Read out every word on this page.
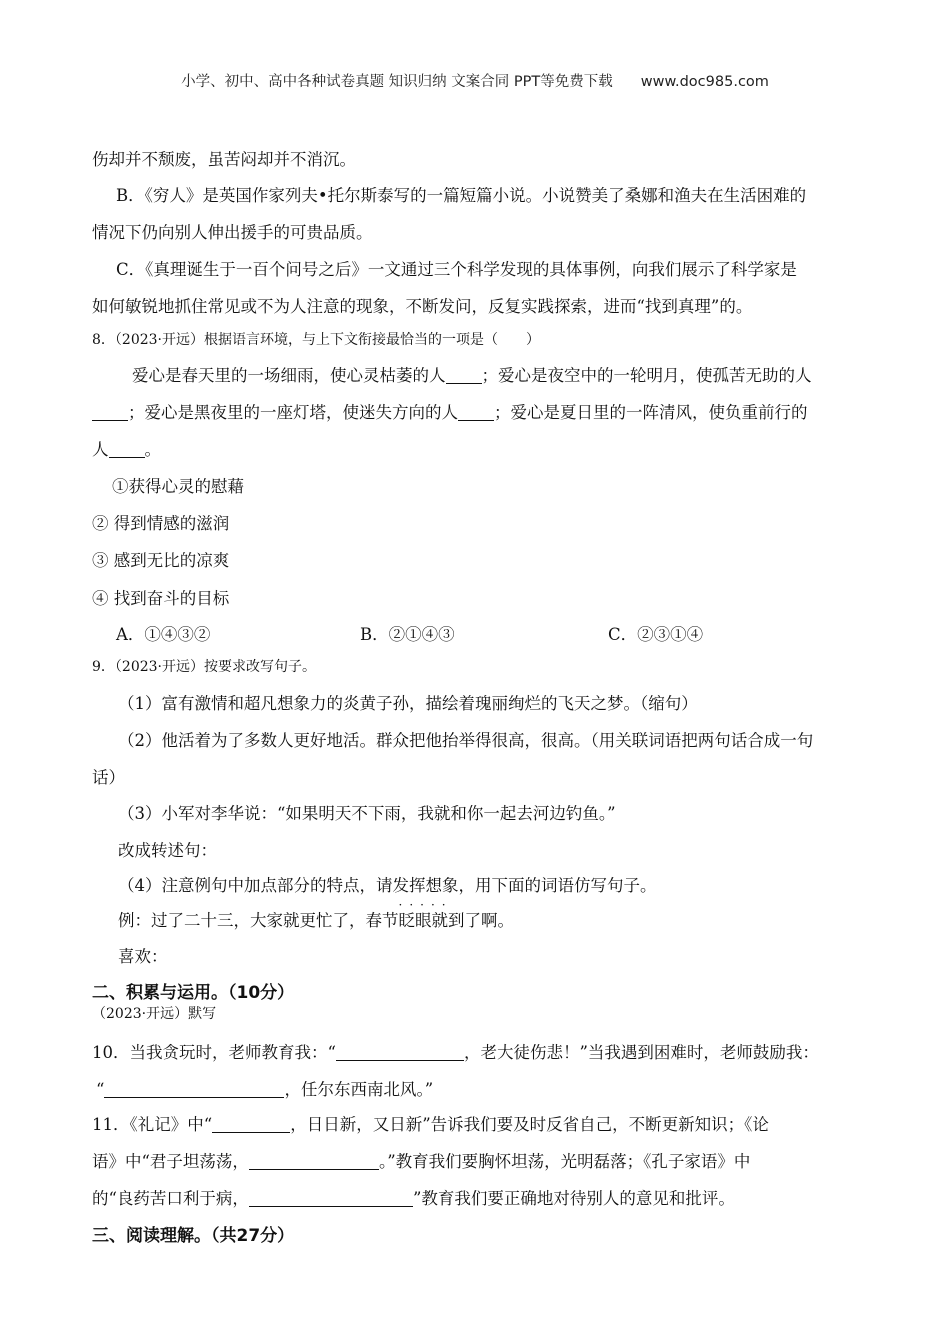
小学、初中、高中各种试卷真题 知识归纳 文案合同 PPT等免费下载 www.doc985.com
伤却并不颓废，虽苦闷却并不消沉。
B．《穷人》是英国作家列夫•托尔斯泰写的一篇短篇小说。小说赞美了桑娜和渔夫在生活困难的
情况下仍向别人伸出援手的可贵品质。
C．《真理诞生于一百个问号之后》一文通过三个科学发现的具体事例，向我们展示了科学家是
如何敏锐地抓住常见或不为人注意的现象，不断发问，反复实践探索，进而“找到真理”的。
8．（2023·开远）根据语言环境，与上下文衔接最恰当的一项是（　　）
爱心是春天里的一场细雨，使心灵枯萎的人 ；爱心是夜空中的一轮明月，使孤苦无助的人
；爱心是黑夜里的一座灯塔，使迷失方向的人 ；爱心是夏日里的一阵清风，使负重前行的
人 。
①获得心灵的慰藉
② 得到情感的滋润
③ 感到无比的凉爽
④ 找到奋斗的目标
A．①④③②	B．②①④③	C．②③①④
9．（2023·开远）按要求改写句子。
（1）富有激情和超凡想象力的炎黄子孙，描绘着瑰丽绚烂的飞天之梦。（缩句）
（2）他活着为了多数人更好地活。群众把他抬举得很高，很高。（用关联词语把两句话合成一句
话）
（3）小军对李华说：“如果明天不下雨，我就和你一起去河边钓鱼。”
改成转述句：
（4）注意例句中加点部分的特点，请发挥想象，用下面的词语仿写句子。
例：过了二十三，大家就更忙了，春节
·····
眨眼就到了啊。
喜欢：
二、积累与运用。（10分）
（2023·开远）默写
10．当我贪玩时，老师教育我：“	，老大徒伤悲！”当我遇到困难时，老师鼓励我：
“	，任尔东西南北风。”
11．《礼记》中“	，日日新，又日新”告诉我们要及时反省自己，不断更新知识；《论
语》中“君子坦荡荡，	。”教育我们要胸怀坦荡，光明磊落；《孔子家语》中
的“良药苦口利于病，	”教育我们要正确地对待别人的意见和批评。
三、阅读理解。（共27分）
